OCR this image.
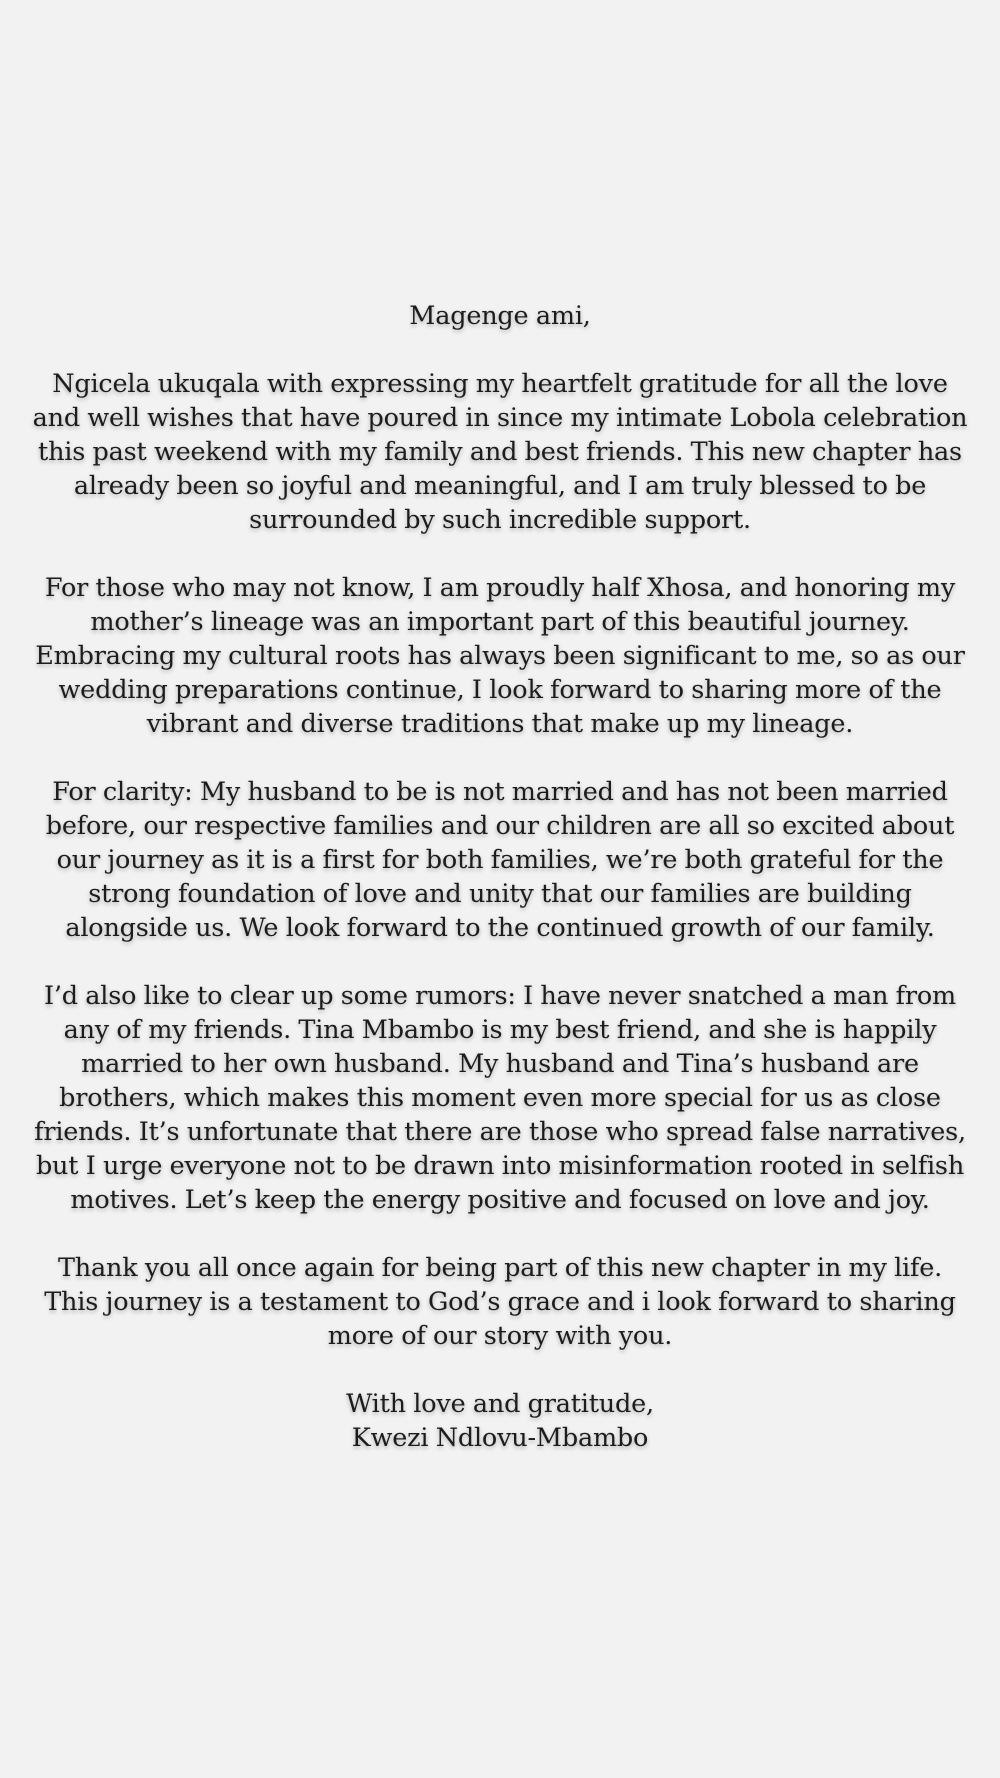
Magenge ami,

Ngicela ukuqala with expressing my heartfelt gratitude for all the love and well wishes that have poured in since my intimate Lobola celebration this past weekend with my family and best friends. This new chapter has already been so joyful and meaningful, and I am truly blessed to be surrounded by such incredible support.

For those who may not know, I am proudly half Xhosa, and honoring my mother’s lineage was an important part of this beautiful journey. Embracing my cultural roots has always been significant to me, so as our wedding preparations continue, I look forward to sharing more of the vibrant and diverse traditions that make up my lineage.

For clarity: My husband to be is not married and has not been married before, our respective families and our children are all so excited about our journey as it is a first for both families, we’re both grateful for the strong foundation of love and unity that our families are building alongside us. We look forward to the continued growth of our family.

I’d also like to clear up some rumors: I have never snatched a man from any of my friends. Tina Mbambo is my best friend, and she is happily married to her own husband. My husband and Tina’s husband are brothers, which makes this moment even more special for us as close friends. It’s unfortunate that there are those who spread false narratives, but I urge everyone not to be drawn into misinformation rooted in selfish motives. Let’s keep the energy positive and focused on love and joy.

Thank you all once again for being part of this new chapter in my life. This journey is a testament to God’s grace and i look forward to sharing more of our story with you.

With love and gratitude,
Kwezi Ndlovu-Mbambo
